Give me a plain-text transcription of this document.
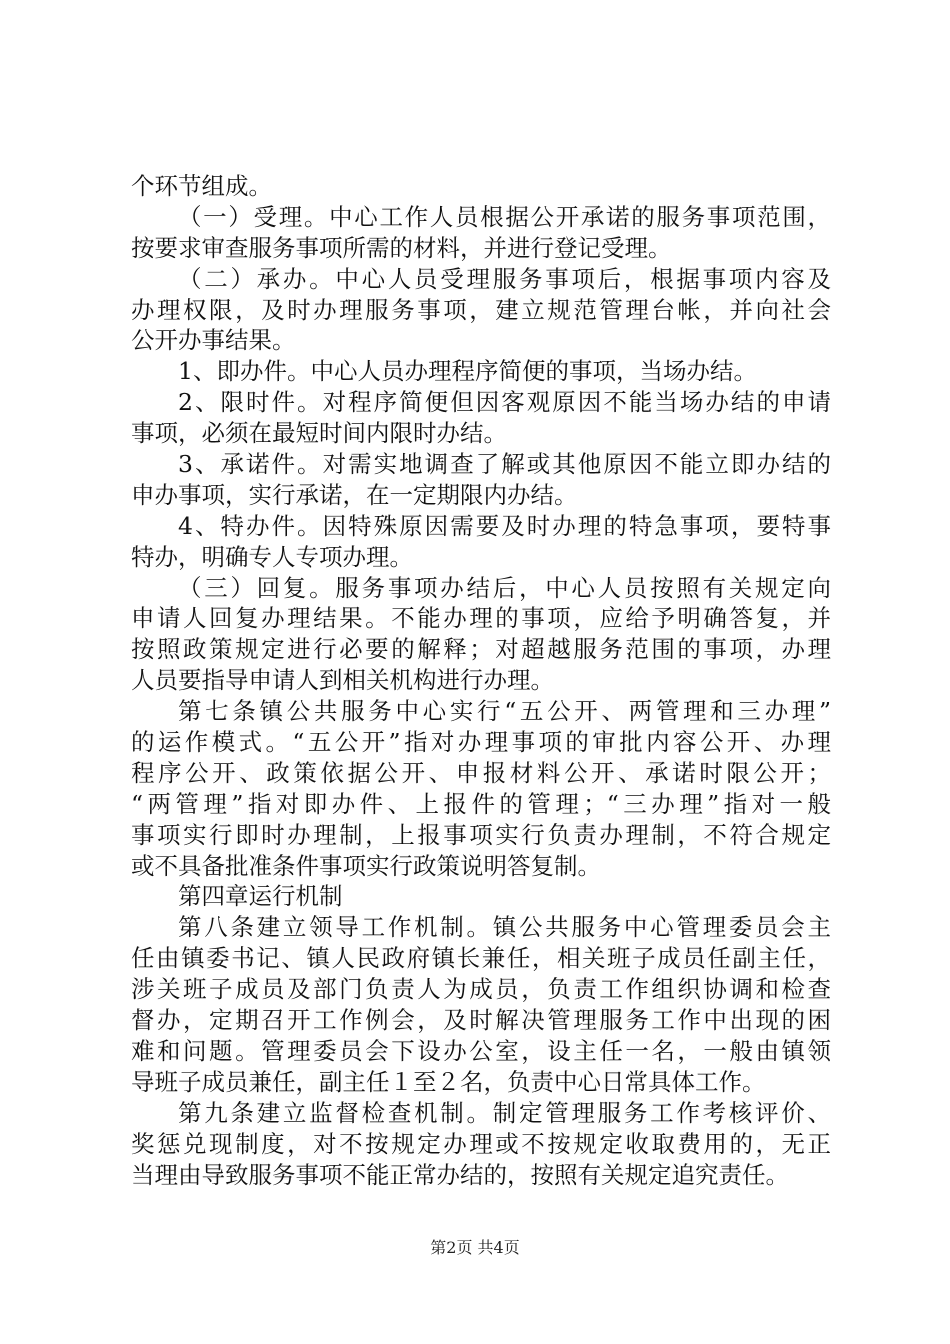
个环节组成。
（一）受理。中心工作人员根据公开承诺的服务事项范围，
按要求审查服务事项所需的材料，并进行登记受理。
（二）承办。中心人员受理服务事项后，根据事项内容及
办理权限，及时办理服务事项，建立规范管理台帐，并向社会
公开办事结果。
1、即办件。中心人员办理程序简便的事项，当场办结。
2、限时件。对程序简便但因客观原因不能当场办结的申请
事项，必须在最短时间内限时办结。
3、承诺件。对需实地调查了解或其他原因不能立即办结的
申办事项，实行承诺，在一定期限内办结。
4、特办件。因特殊原因需要及时办理的特急事项，要特事
特办，明确专人专项办理。
（三）回复。服务事项办结后，中心人员按照有关规定向
申请人回复办理结果。不能办理的事项，应给予明确答复，并
按照政策规定进行必要的解释；对超越服务范围的事项，办理
人员要指导申请人到相关机构进行办理。
第七条镇公共服务中心实行“五公开、两管理和三办理”
的运作模式。“五公开”指对办理事项的审批内容公开、办理
程序公开、政策依据公开、申报材料公开、承诺时限公开；
“两管理”指对即办件、上报件的管理；“三办理”指对一般
事项实行即时办理制，上报事项实行负责办理制，不符合规定
或不具备批准条件事项实行政策说明答复制。
第四章运行机制
第八条建立领导工作机制。镇公共服务中心管理委员会主
任由镇委书记、镇人民政府镇长兼任，相关班子成员任副主任，
涉关班子成员及部门负责人为成员，负责工作组织协调和检查
督办，定期召开工作例会，及时解决管理服务工作中出现的困
难和问题。管理委员会下设办公室，设主任一名，一般由镇领
导班子成员兼任，副主任１至２名，负责中心日常具体工作。
第九条建立监督检查机制。制定管理服务工作考核评价、
奖惩兑现制度，对不按规定办理或不按规定收取费用的，无正
当理由导致服务事项不能正常办结的，按照有关规定追究责任。
第2页 共4页
